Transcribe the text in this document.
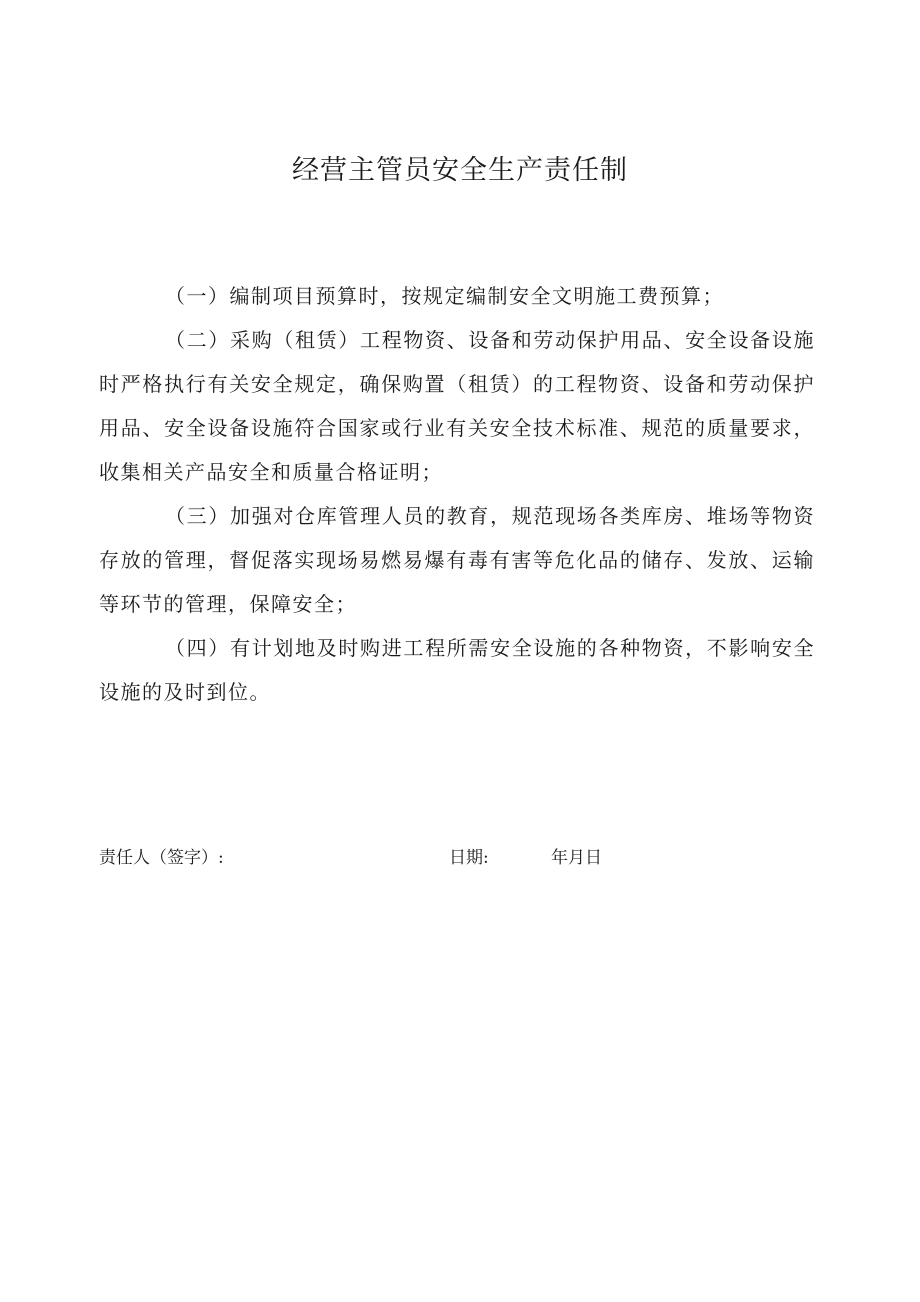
经营主管员安全生产责任制

（一）编制项目预算时，按规定编制安全文明施工费预算；

（二）采购（租赁）工程物资、设备和劳动保护用品、安全设备设施时严格执行有关安全规定，确保购置（租赁）的工程物资、设备和劳动保护用品、安全设备设施符合国家或行业有关安全技术标准、规范的质量要求，收集相关产品安全和质量合格证明；

（三）加强对仓库管理人员的教育，规范现场各类库房、堆场等物资存放的管理，督促落实现场易燃易爆有毒有害等危化品的储存、发放、运输等环节的管理，保障安全；

（四）有计划地及时购进工程所需安全设施的各种物资，不影响安全设施的及时到位。

责任人（签字）:	日期:	年月日
